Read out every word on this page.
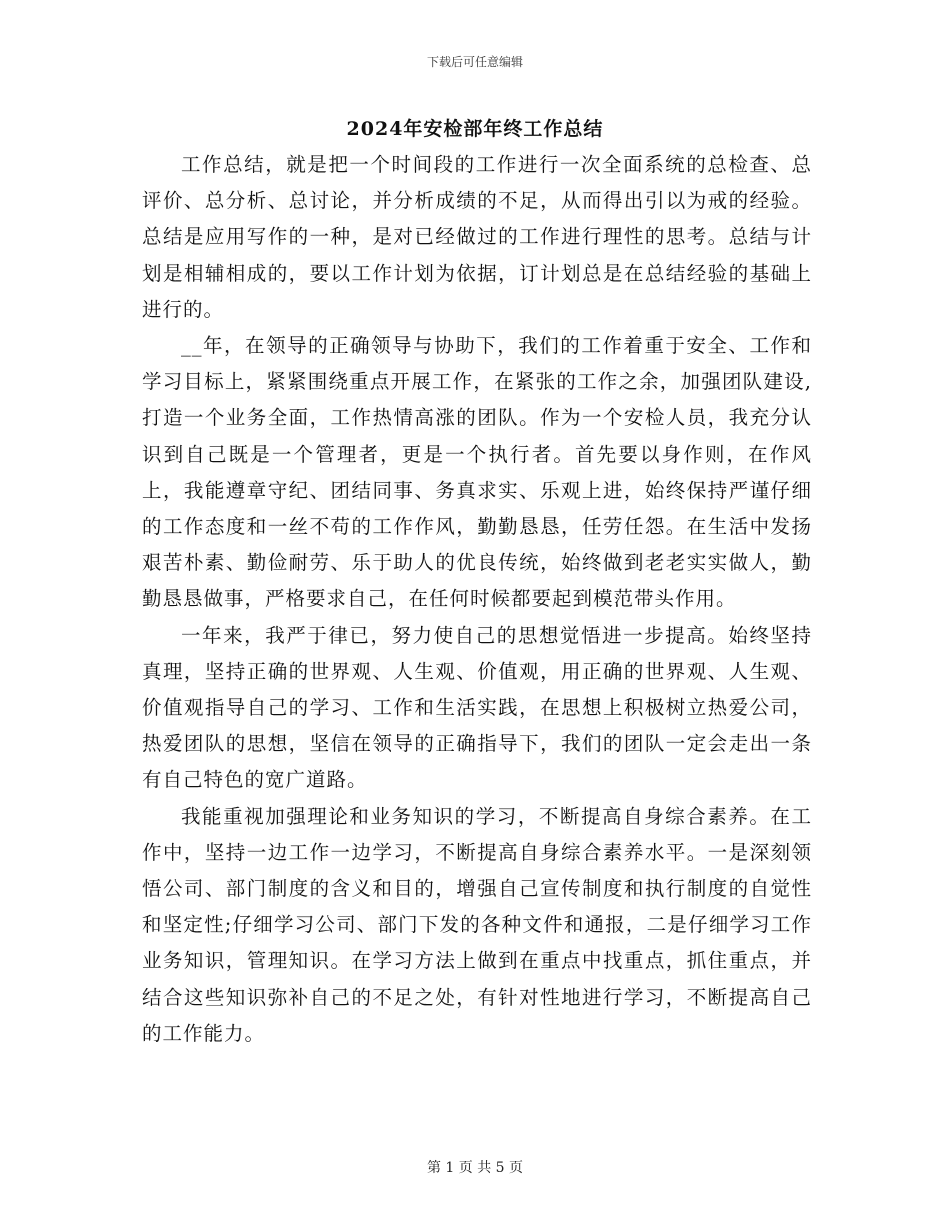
下载后可任意编辑
2024年安检部年终工作总结

工作总结，就是把一个时间段的工作进行一次全面系统的总检查、总评价、总分析、总讨论，并分析成绩的不足，从而得出引以为戒的经验。总结是应用写作的一种，是对已经做过的工作进行理性的思考。总结与计划是相辅相成的，要以工作计划为依据，订计划总是在总结经验的基础上进行的。

__年，在领导的正确领导与协助下，我们的工作着重于安全、工作和学习目标上，紧紧围绕重点开展工作，在紧张的工作之余，加强团队建设,打造一个业务全面，工作热情高涨的团队。作为一个安检人员，我充分认识到自己既是一个管理者，更是一个执行者。首先要以身作则，在作风上，我能遵章守纪、团结同事、务真求实、乐观上进，始终保持严谨仔细的工作态度和一丝不苟的工作作风，勤勤恳恳，任劳任怨。在生活中发扬艰苦朴素、勤俭耐劳、乐于助人的优良传统，始终做到老老实实做人，勤勤恳恳做事，严格要求自己，在任何时候都要起到模范带头作用。

一年来，我严于律已，努力使自己的思想觉悟进一步提高。始终坚持真理，坚持正确的世界观、人生观、价值观，用正确的世界观、人生观、价值观指导自己的学习、工作和生活实践，在思想上积极树立热爱公司，热爱团队的思想，坚信在领导的正确指导下，我们的团队一定会走出一条有自己特色的宽广道路。

我能重视加强理论和业务知识的学习，不断提高自身综合素养。在工作中，坚持一边工作一边学习，不断提高自身综合素养水平。一是深刻领悟公司、部门制度的含义和目的，增强自己宣传制度和执行制度的自觉性和坚定性;仔细学习公司、部门下发的各种文件和通报，二是仔细学习工作业务知识，管理知识。在学习方法上做到在重点中找重点，抓住重点，并结合这些知识弥补自己的不足之处，有针对性地进行学习，不断提高自己的工作能力。

第 1 页 共 5 页
